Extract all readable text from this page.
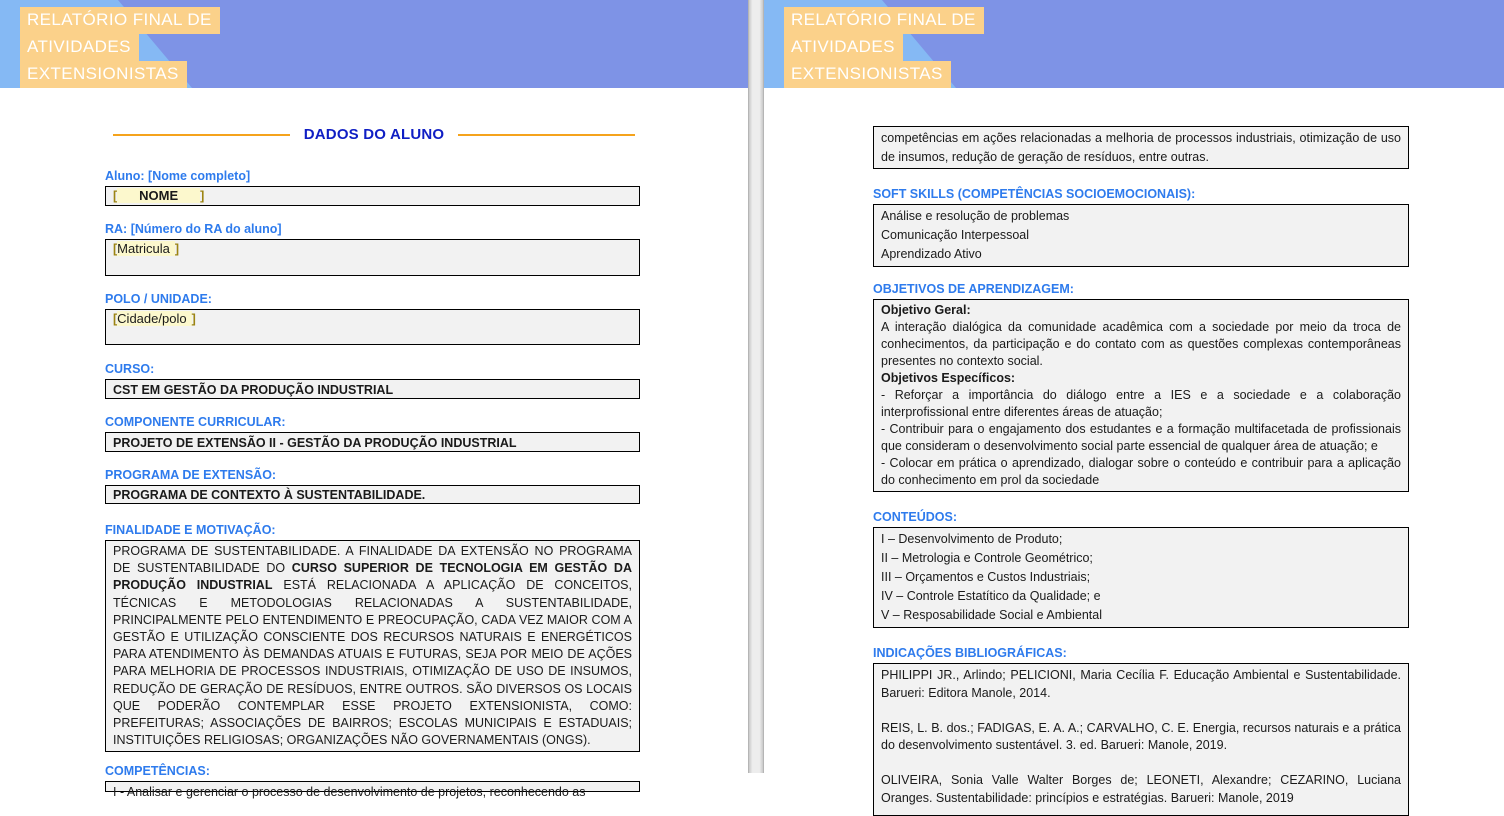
RELATÓRIO FINAL DE
ATIVIDADES
EXTENSIONISTAS
DADOS DO ALUNO
Aluno: [Nome completo]
[ NOME ]
RA: [Número do RA do aluno]
[Matricula ]
POLO / UNIDADE:
[Cidade/polo ]
CURSO:
CST EM GESTÃO DA PRODUÇÃO INDUSTRIAL
COMPONENTE CURRICULAR:
PROJETO DE EXTENSÃO II - GESTÃO DA PRODUÇÃO INDUSTRIAL
PROGRAMA DE EXTENSÃO:
PROGRAMA DE CONTEXTO À SUSTENTABILIDADE.
FINALIDADE E MOTIVAÇÃO:
PROGRAMA DE SUSTENTABILIDADE. A FINALIDADE DA EXTENSÃO NO PROGRAMA DE SUSTENTABILIDADE DO CURSO SUPERIOR DE TECNOLOGIA EM GESTÃO DA PRODUÇÃO INDUSTRIAL ESTÁ RELACIONADA A APLICAÇÃO DE CONCEITOS, TÉCNICAS E METODOLOGIAS RELACIONADAS A SUSTENTABILIDADE, PRINCIPALMENTE PELO ENTENDIMENTO E PREOCUPAÇÃO, CADA VEZ MAIOR COM A GESTÃO E UTILIZAÇÃO CONSCIENTE DOS RECURSOS NATURAIS E ENERGÉTICOS PARA ATENDIMENTO ÀS DEMANDAS ATUAIS E FUTURAS, SEJA POR MEIO DE AÇÕES PARA MELHORIA DE PROCESSOS INDUSTRIAIS, OTIMIZAÇÃO DE USO DE INSUMOS, REDUÇÃO DE GERAÇÃO DE RESÍDUOS, ENTRE OUTROS. SÃO DIVERSOS OS LOCAIS QUE PODERÃO CONTEMPLAR ESSE PROJETO EXTENSIONISTA, COMO: PREFEITURAS; ASSOCIAÇÕES DE BAIRROS; ESCOLAS MUNICIPAIS E ESTADUAIS; INSTITUIÇÕES RELIGIOSAS; ORGANIZAÇÕES NÃO GOVERNAMENTAIS (ONGS).
COMPETÊNCIAS:
I - Analisar e gerenciar o processo de desenvolvimento de projetos, reconhecendo as
RELATÓRIO FINAL DE
ATIVIDADES
EXTENSIONISTAS
competências em ações relacionadas a melhoria de processos industriais, otimização de uso de insumos, redução de geração de resíduos, entre outras.
SOFT SKILLS (COMPETÊNCIAS SOCIOEMOCIONAIS):
Análise e resolução de problemas
Comunicação Interpessoal
Aprendizado Ativo
OBJETIVOS DE APRENDIZAGEM:

Objetivo Geral:

A interação dialógica da comunidade acadêmica com a sociedade por meio da troca de conhecimentos, da participação e do contato com as questões complexas contemporâneas presentes no contexto social.

Objetivos Específicos:

- Reforçar a importância do diálogo entre a IES e a sociedade e a colaboração interprofissional entre diferentes áreas de atuação;

- Contribuir para o engajamento dos estudantes e a formação multifacetada de profissionais que consideram o desenvolvimento social parte essencial de qualquer área de atuação; e

- Colocar em prática o aprendizado, dialogar sobre o conteúdo e contribuir para a aplicação do conhecimento em prol da sociedade

CONTEÚDOS:
I – Desenvolvimento de Produto;
II – Metrologia e Controle Geométrico;
III – Orçamentos e Custos Industriais;
IV – Controle Estatítico da Qualidade; e
V – Resposabilidade Social e Ambiental
INDICAÇÕES BIBLIOGRÁFICAS:

PHILIPPI JR., Arlindo; PELICIONI, Maria Cecília F. Educação Ambiental e Sustentabilidade. Barueri: Editora Manole, 2014.

REIS, L. B. dos.; FADIGAS, E. A. A.; CARVALHO, C. E. Energia, recursos naturais e a prática do desenvolvimento sustentável. 3. ed. Barueri: Manole, 2019.

OLIVEIRA, Sonia Valle Walter Borges de; LEONETI, Alexandre; CEZARINO, Luciana Oranges. Sustentabilidade: princípios e estratégias. Barueri: Manole, 2019
